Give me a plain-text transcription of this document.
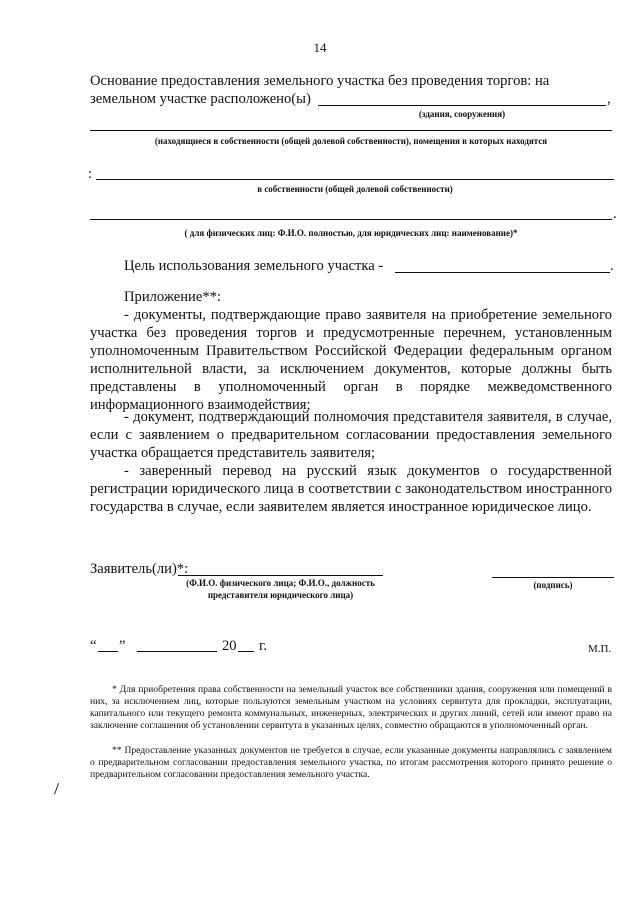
14
Основание предоставления земельного участка без проведения торгов: на
земельном участке расположено(ы)	,
(здания, сооружения)
(находящиеся в собственности (общей долевой собственности), помещения в которых находятся
:
в собственности (общей долевой собственности)
.
( для физических лиц: Ф.И.О. полностью, для юридических лиц: наименование)*
Цель использования земельного участка -	.
Приложение**:
- документы, подтверждающие право заявителя на приобретение земельного участка без проведения торгов и предусмотренные перечнем, установленным уполномоченным Правительством Российской Федерации федеральным органом исполнительной власти, за исключением документов, которые должны быть представлены в уполномоченный орган в порядке межведомственного информационного взаимодействия;
- документ, подтверждающий полномочия представителя заявителя, в случае, если с заявлением о предварительном согласовании предоставления земельного участка обращается представитель заявителя;
- заверенный перевод на русский язык документов о государственной регистрации юридического лица в соответствии с законодательством иностранного государства в случае, если заявителем является иностранное юридическое лицо.
Заявитель(ли)*:
(Ф.И.О. физического лица; Ф.И.О., должность
представителя юридического лица)
(подпись)
“ ”	20 г.	М.П.
* Для приобретения права собственности на земельный участок все собственники здания, сооружения или помещений в них, за исключением лиц, которые пользуются земельным участком на условиях сервитута для прокладки, эксплуатации, капитального или текущего ремонта коммунальных, инженерных, электрических и других линий, сетей или имеют право на заключение соглашения об установлении сервитута в указанных целях, совместно обращаются в уполномоченный орган.
** Предоставление указанных документов не требуется в случае, если указанные документы направлялись с заявлением о предварительном согласовании предоставления земельного участка, по итогам рассмотрения которого принято решение о предварительном согласовании предоставления земельного участка.
